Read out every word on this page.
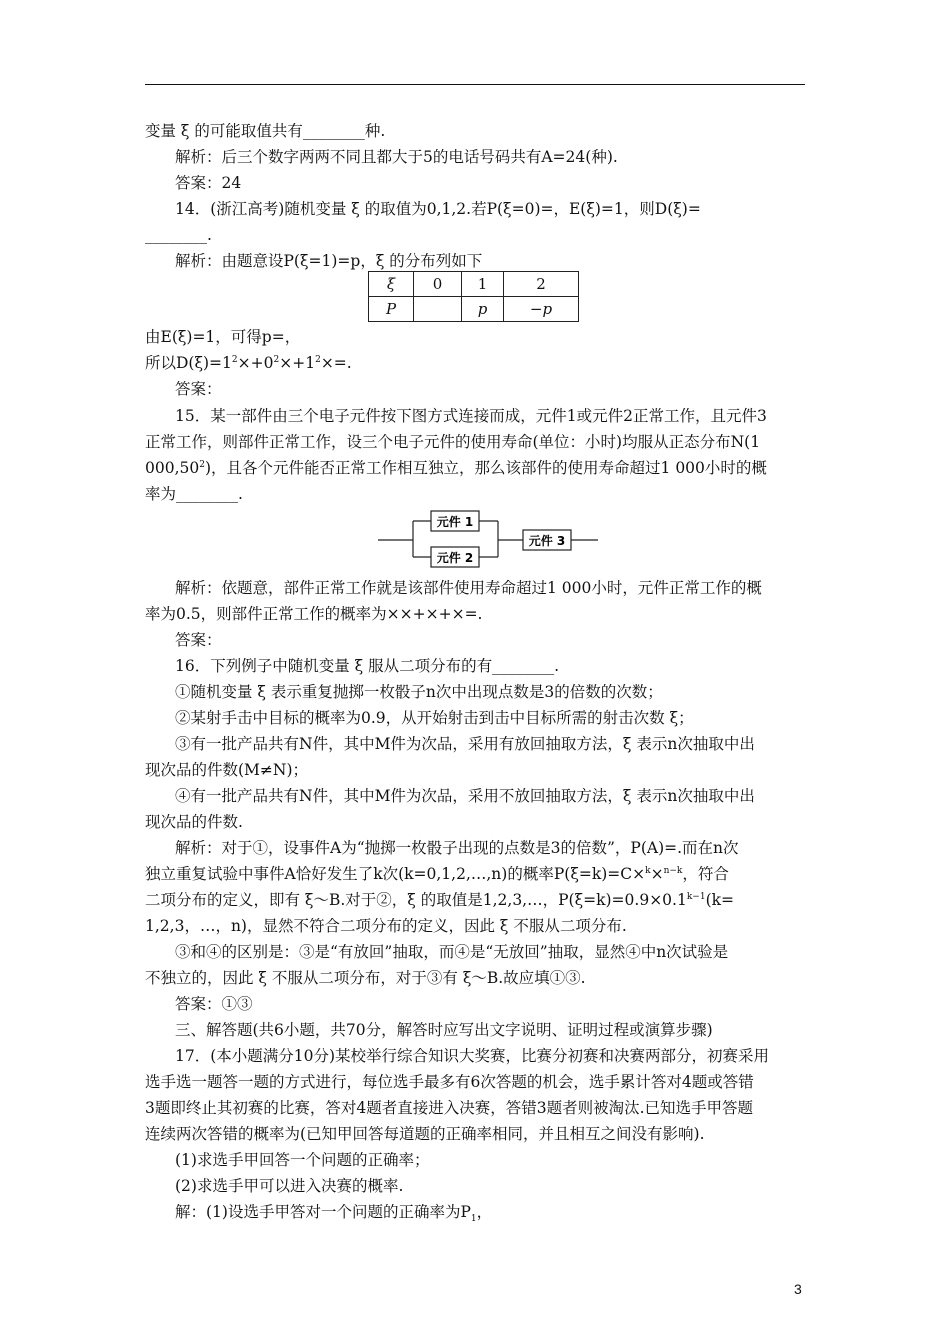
变量 ξ 的可能取值共有________种.
解析：后三个数字两两不同且都大于5的电话号码共有A=24(种).
答案：24
14．(浙江高考)随机变量 ξ 的取值为0,1,2.若P(ξ=0)=，E(ξ)=1，则D(ξ)=
________.
解析：由题意设P(ξ=1)=p，ξ 的分布列如下
ξ	0	1	2
P		p	−p
由E(ξ)=1，可得p=，
所以$D(\xi)=1^2\times+0^2\times+1^2\times=$.
答案：
15．某一部件由三个电子元件按下图方式连接而成，元件1或元件2正常工作，且元件3
正常工作，则部件正常工作，设三个电子元件的使用寿命(单位：小时)均服从正态分布N(1
000,50$^2$)，且各个元件能否正常工作相互独立，那么该部件的使用寿命超过1 000小时的概
率为________.
元件 1
元件 2
元件 3
解析：依题意，部件正常工作就是该部件使用寿命超过1 000小时，元件正常工作的概
率为0.5，则部件正常工作的概率为××+×+×=.
答案：
16．下列例子中随机变量 ξ 服从二项分布的有________.
①随机变量 ξ 表示重复抛掷一枚骰子n次中出现点数是3的倍数的次数；
②某射手击中目标的概率为0.9，从开始射击到击中目标所需的射击次数 ξ；
③有一批产品共有N件，其中M件为次品，采用有放回抽取方法，ξ 表示n次抽取中出
现次品的件数(M≠N)；
④有一批产品共有N件，其中M件为次品，采用不放回抽取方法，ξ 表示n次抽取中出
现次品的件数.
解析：对于①，设事件A为“抛掷一枚骰子出现的点数是3的倍数”，P(A)=.而在n次
独立重复试验中事件A恰好发生了k次(k=0,1,2,…,n)的概率P(ξ=k)=C×$^k$×$^{n-k}$，符合
二项分布的定义，即有 ξ～B.对于②，ξ 的取值是1,2,3,…，$P(\xi=k)=0.9\times 0.1^{k-1}(k=$
1,2,3，…，n)，显然不符合二项分布的定义，因此 ξ 不服从二项分布.
③和④的区别是：③是“有放回”抽取，而④是“无放回”抽取，显然④中n次试验是
不独立的，因此 ξ 不服从二项分布，对于③有 ξ～B.故应填①③.
答案：①③
三、解答题(共6小题，共70分，解答时应写出文字说明、证明过程或演算步骤)
17．(本小题满分10分)某校举行综合知识大奖赛，比赛分初赛和决赛两部分，初赛采用
选手选一题答一题的方式进行，每位选手最多有6次答题的机会，选手累计答对4题或答错
3题即终止其初赛的比赛，答对4题者直接进入决赛，答错3题者则被淘汰.已知选手甲答题
连续两次答错的概率为(已知甲回答每道题的正确率相同，并且相互之间没有影响).
(1)求选手甲回答一个问题的正确率；
(2)求选手甲可以进入决赛的概率.
解：(1)设选手甲答对一个问题的正确率为$P_1$，
3
